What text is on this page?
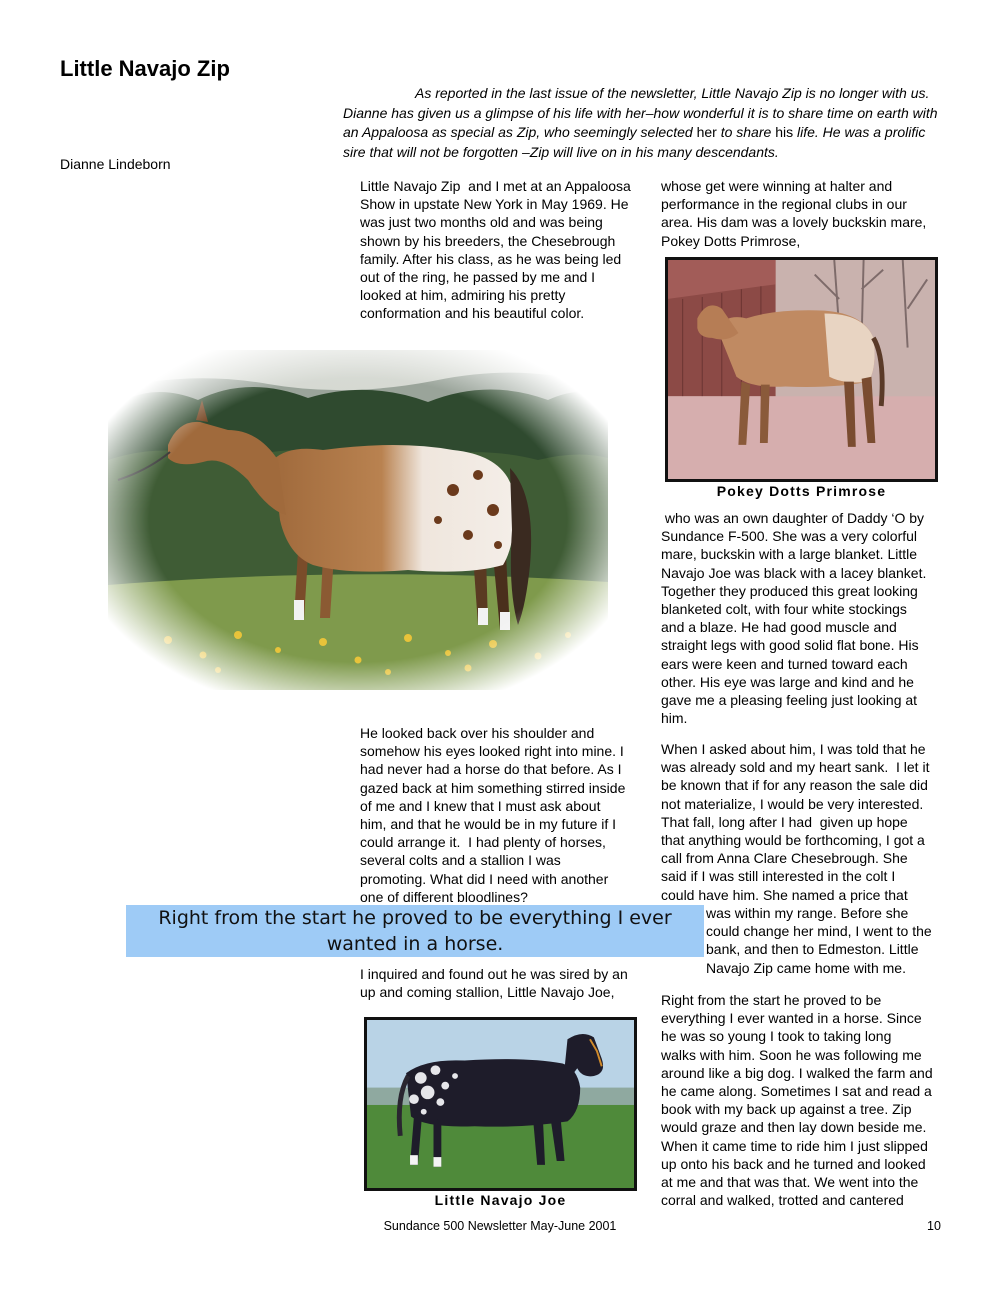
Little Navajo Zip
Dianne Lindeborn

As reported in the last issue of the newsletter, Little Navajo Zip is no longer with us. Dianne has given us a glimpse of his life with her–how wonderful it is to share time on earth with an Appaloosa as special as Zip, who seemingly selected her to share his life. He was a prolific sire that will not be forgotten –Zip will live on in his many descendants.

Little Navajo Zip  and I met at an Appaloosa
Show in upstate New York in May 1969. He
was just two months old and was being
shown by his breeders, the Chesebrough
family. After his class, as he was being led
out of the ring, he passed by me and I
looked at him, admiring his pretty
conformation and his beautiful color.
He looked back over his shoulder and
somehow his eyes looked right into mine. I
had never had a horse do that before. As I
gazed back at him something stirred inside
of me and I knew that I must ask about
him, and that he would be in my future if I
could arrange it.  I had plenty of horses,
several colts and a stallion I was
promoting. What did I need with another
one of different bloodlines?
I inquired and found out he was sired by an
up and coming stallion, Little Navajo Joe,
whose get were winning at halter and
performance in the regional clubs in our
area. His dam was a lovely buckskin mare,
Pokey Dotts Primrose,
who was an own daughter of Daddy ‘O by
Sundance F-500. She was a very colorful
mare, buckskin with a large blanket. Little
Navajo Joe was black with a lacey blanket.
Together they produced this great looking
blanketed colt, with four white stockings
and a blaze. He had good muscle and
straight legs with good solid flat bone. His
ears were keen and turned toward each
other. His eye was large and kind and he
gave me a pleasing feeling just looking at
him.
When I asked about him, I was told that he
was already sold and my heart sank.  I let it
be known that if for any reason the sale did
not materialize, I would be very interested.
That fall, long after I had  given up hope
that anything would be forthcoming, I got a
call from Anna Clare Chesebrough. She
said if I was still interested in the colt I
could have him. She named a price that
was within my range. Before she
could change her mind, I went to the
bank, and then to Edmeston. Little
Navajo Zip came home with me.
Right from the start he proved to be
everything I ever wanted in a horse. Since
he was so young I took to taking long
walks with him. Soon he was following me
around like a big dog. I walked the farm and
he came along. Sometimes I sat and read a
book with my back up against a tree. Zip
would graze and then lay down beside me.
When it came time to ride him I just slipped
up onto his back and he turned and looked
at me and that was that. We went into the
corral and walked, trotted and cantered
Pokey Dotts Primrose
Little Navajo Joe
Right from the start he proved to be everything I ever wanted in a horse.
Sundance 500 Newsletter May-June 2001	10
